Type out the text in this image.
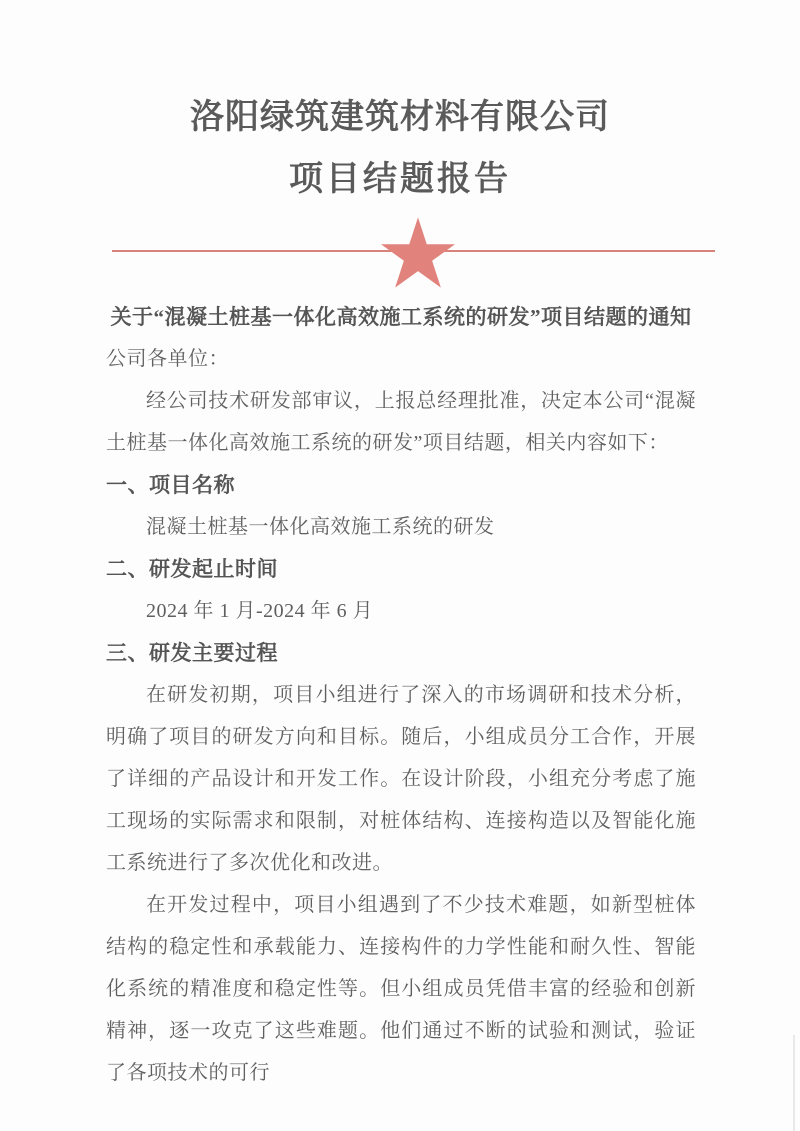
洛阳绿筑建筑材料有限公司
项目结题报告
关于“混凝土桩基一体化高效施工系统的研发”项目结题的通知
公司各单位：

经公司技术研发部审议，上报总经理批准，决定本公司“混凝土桩基一体化高效施工系统的研发”项目结题，相关内容如下：

一、项目名称
混凝土桩基一体化高效施工系统的研发
二、研发起止时间
2024 年 1 月-2024 年 6 月
三、研发主要过程

在研发初期，项目小组进行了深入的市场调研和技术分析，明确了项目的研发方向和目标。随后，小组成员分工合作，开展了详细的产品设计和开发工作。在设计阶段，小组充分考虑了施工现场的实际需求和限制，对桩体结构、连接构造以及智能化施工系统进行了多次优化和改进。

在开发过程中，项目小组遇到了不少技术难题，如新型桩体结构的稳定性和承载能力、连接构件的力学性能和耐久性、智能化系统的精准度和稳定性等。但小组成员凭借丰富的经验和创新精神，逐一攻克了这些难题。他们通过不断的试验和测试，验证了各项技术的可行
